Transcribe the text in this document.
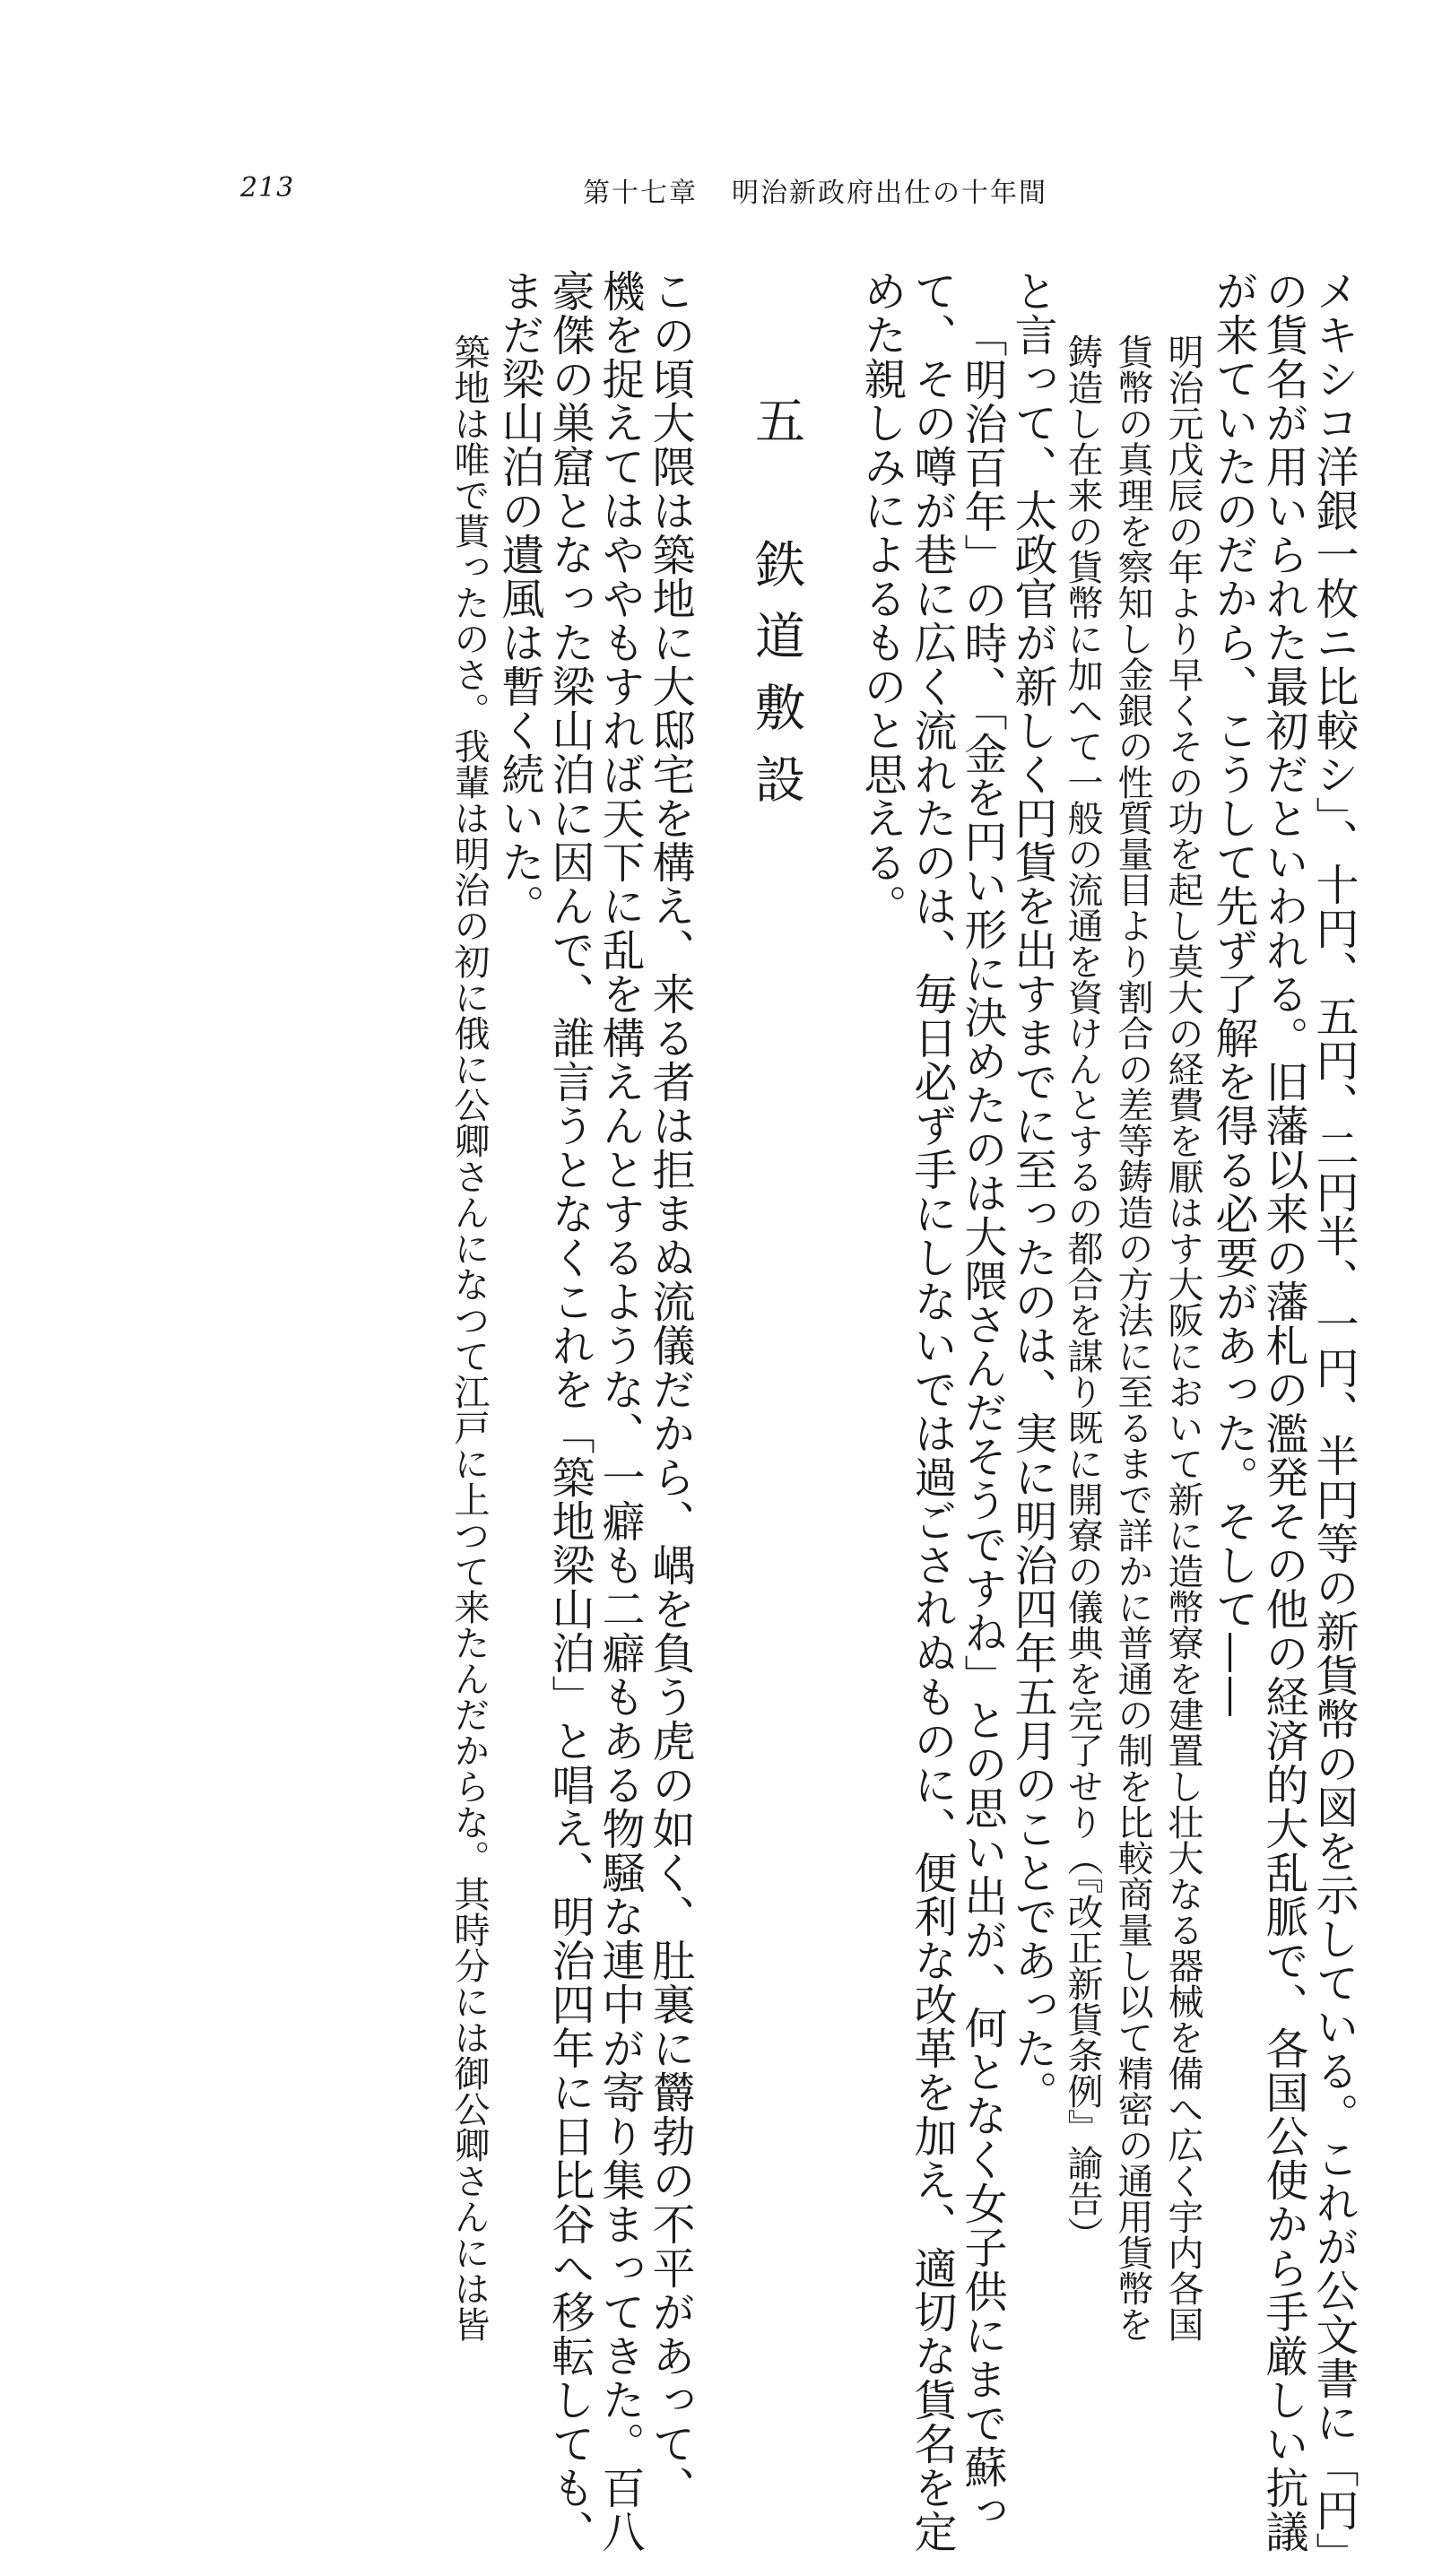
213	第十七章 明治新政府出仕の十年間
メキシコ洋銀一枚ニ比較シ」、十円、五円、二円半、一円、半円等の新貨幣の図を示している。これが公文書に「円」
の貨名が用いられた最初だといわれる。旧藩以来の藩札の濫発その他の経済的大乱脈で、各国公使から手厳しい抗議
が来ていたのだから、こうして先ず了解を得る必要があった。そして——
明治元戊辰の年より早くその功を起し莫大の経費を厭はす大阪において新に造幣寮を建置し壮大なる器械を備へ広く宇内各国
貨幣の真理を察知し金銀の性質量目より割合の差等鋳造の方法に至るまで詳かに普通の制を比較商量し以て精密の通用貨幣を
鋳造し在来の貨幣に加へて一般の流通を資けんとするの都合を謀り既に開寮の儀典を完了せり（『改正新貨条例』諭告）
と言って、太政官が新しく円貨を出すまでに至ったのは、実に明治四年五月のことであった。
「明治百年」の時、「金を円い形に決めたのは大隈さんだそうですね」との思い出が、何となく女子供にまで蘇っ
て、その噂が巷に広く流れたのは、毎日必ず手にしないでは過ごされぬものに、便利な改革を加え、適切な貨名を定
めた親しみによるものと思える。
五　鉄道敷設
この頃大隈は築地に大邸宅を構え、来る者は拒まぬ流儀だから、嵎を負う虎の如く、肚裏に欝勃の不平があって、
機を捉えてはややもすれば天下に乱を構えんとするような、一癖も二癖もある物騒な連中が寄り集まってきた。百八
豪傑の巣窟となった梁山泊に因んで、誰言うとなくこれを「築地梁山泊」と唱え、明治四年に日比谷へ移転しても、
まだ梁山泊の遺風は暫く続いた。
築地は唯で貰ったのさ。我輩は明治の初に俄に公卿さんになつて江戸に上つて来たんだからな。其時分には御公卿さんには皆
